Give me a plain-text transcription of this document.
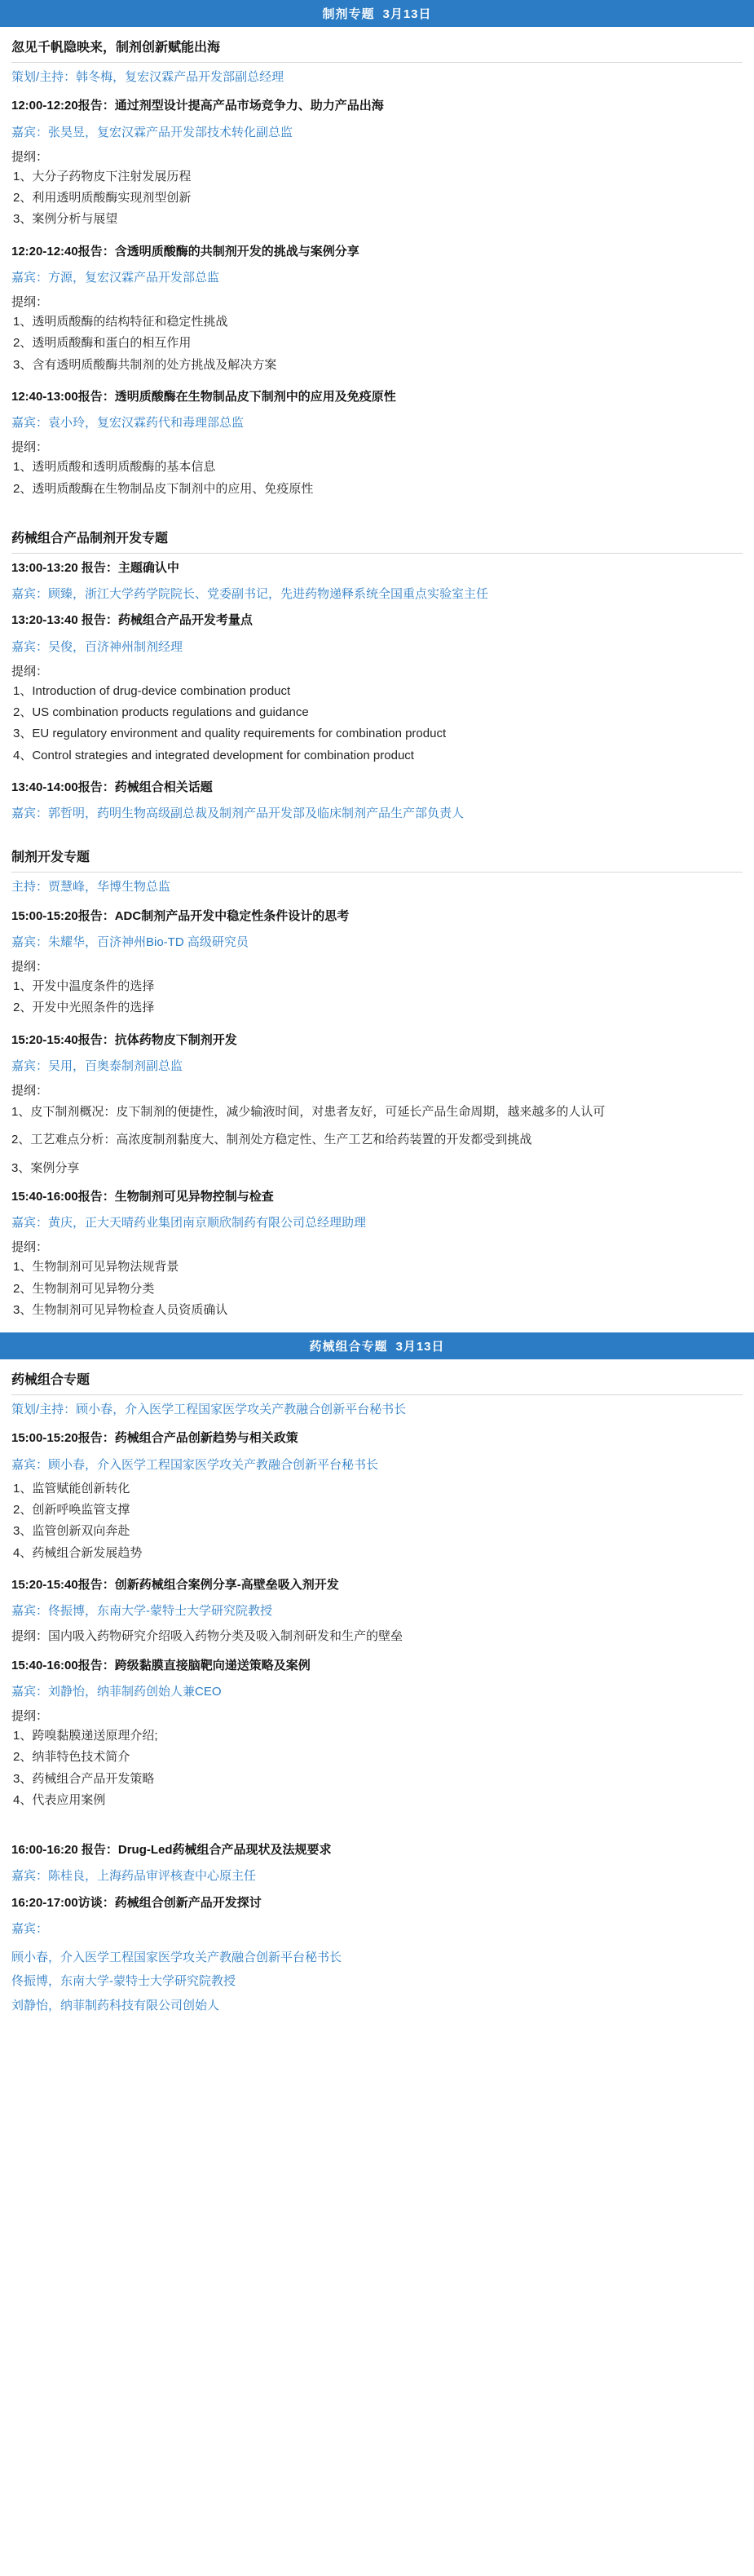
制剂专题 3月13日
忽见千帆隐映来，制剂创新赋能出海
策划/主持：韩冬梅，复宏汉霖产品开发部副总经理
12:00-12:20报告：通过剂型设计提高产品市场竞争力、助力产品出海
嘉宾：张昊昱，复宏汉霖产品开发部技术转化副总监
提纲：
1、大分子药物皮下注射发展历程
2、利用透明质酸酶实现剂型创新
3、案例分析与展望
12:20-12:40报告：含透明质酸酶的共制剂开发的挑战与案例分享
嘉宾：方源，复宏汉霖产品开发部总监
提纲：
1、透明质酸酶的结构特征和稳定性挑战
2、透明质酸酶和蛋白的相互作用
3、含有透明质酸酶共制剂的处方挑战及解决方案
12:40-13:00报告：透明质酸酶在生物制品皮下制剂中的应用及免疫原性
嘉宾：袁小玲，复宏汉霖药代和毒理部总监
提纲：
1、透明质酸和透明质酸酶的基本信息
2、透明质酸酶在生物制品皮下制剂中的应用、免疫原性
药械组合产品制剂开发专题
13:00-13:20 报告：主题确认中
嘉宾：顾臻，浙江大学药学院院长、党委副书记，先进药物递释系统全国重点实验室主任
13:20-13:40 报告：药械组合产品开发考量点
嘉宾：吴俊，百济神州制剂经理
提纲：
1、Introduction of drug-device combination product
2、US combination products regulations and guidance
3、EU regulatory environment and quality requirements for combination product
4、Control strategies and integrated development for combination product
13:40-14:00报告：药械组合相关话题
嘉宾：郭哲明，药明生物高级副总裁及制剂产品开发部及临床制剂产品生产部负责人
制剂开发专题
主持：贾慧峰，华博生物总监
15:00-15:20报告：ADC制剂产品开发中稳定性条件设计的思考
嘉宾：朱耀华，百济神州Bio-TD 高级研究员
提纲：
1、开发中温度条件的选择
2、开发中光照条件的选择
15:20-15:40报告：抗体药物皮下制剂开发
嘉宾：吴用，百奥泰制剂副总监
提纲：
1、皮下制剂概况：皮下制剂的便捷性，减少输液时间，对患者友好，可延长产品生命周期，越来越多的人认可
2、工艺难点分析：高浓度制剂黏度大、制剂处方稳定性、生产工艺和给药装置的开发都受到挑战
3、案例分享
15:40-16:00报告：生物制剂可见异物控制与检查
嘉宾：黄庆，正大天晴药业集团南京顺欣制药有限公司总经理助理
提纲：
1、生物制剂可见异物法规背景
2、生物制剂可见异物分类
3、生物制剂可见异物检查人员资质确认
药械组合专题 3月13日
药械组合专题
策划/主持：顾小春，介入医学工程国家医学攻关产教融合创新平台秘书长
15:00-15:20报告：药械组合产品创新趋势与相关政策
嘉宾：顾小春，介入医学工程国家医学攻关产教融合创新平台秘书长
1、监管赋能创新转化
2、创新呼唤监管支撑
3、监管创新双向奔赴
4、药械组合新发展趋势
15:20-15:40报告：创新药械组合案例分享-高壁垒吸入剂开发
嘉宾：佟振博，东南大学-蒙特士大学研究院教授
提纲：国内吸入药物研究介绍吸入药物分类及吸入制剂研发和生产的壁垒
15:40-16:00报告：跨级黏膜直接脑靶向递送策略及案例
嘉宾：刘静怡，纳菲制药创始人兼CEO
提纲：
1、跨嗅黏膜递送原理介绍;
2、纳菲特色技术简介
3、药械组合产品开发策略
4、代表应用案例
16:00-16:20 报告：Drug-Led药械组合产品现状及法规要求
嘉宾：陈桂良，上海药品审评核查中心原主任
16:20-17:00访谈：药械组合创新产品开发探讨
嘉宾：
顾小春，介入医学工程国家医学攻关产教融合创新平台秘书长
佟振博，东南大学-蒙特士大学研究院教授
刘静怡，纳菲制药科技有限公司创始人
